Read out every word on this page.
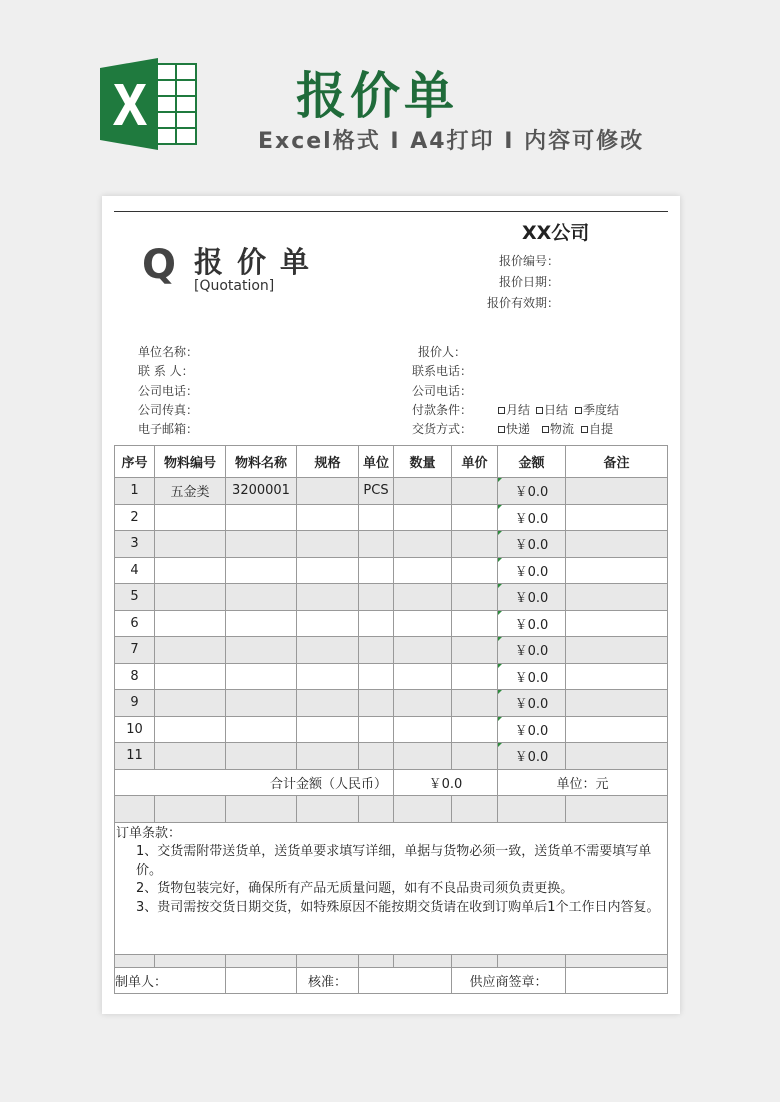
报价单
Excel格式 I A4打印 I 内容可修改
XX公司
报价编号：
报价日期：
报价有效期：
Q 报价单
[Quotation]
单位名称：
联 系 人：
公司电话：
公司传真：
电子邮箱：
报价人：
联系电话：
公司电话：
付款条件：
交货方式：
月结	日结	季度结
快递	物流	自提
序号	物料编号	物料名称	规格	单位	数量	单价	金额	备注
1	五金类	3200001		PCS			￥0.0	
2							￥0.0	
3							￥0.0	
4							￥0.0	
5							￥0.0	
6							￥0.0	
7							￥0.0	
8							￥0.0	
9							￥0.0	
10							￥0.0	
11							￥0.0	
合计金额（人民币）					￥0.0		单位：元	

订单条款：
1、交货需附带送货单，送货单要求填写详细，单据与货物必须一致，送货单不需要填写单价。
2、货物包装完好，确保所有产品无质量问题，如有不良品贵司须负责更换。
3、贵司需按交货日期交货，如特殊原因不能按期交货请在收到订购单后1个工作日内答复。								

制单人：			核准：			供应商签章：		
